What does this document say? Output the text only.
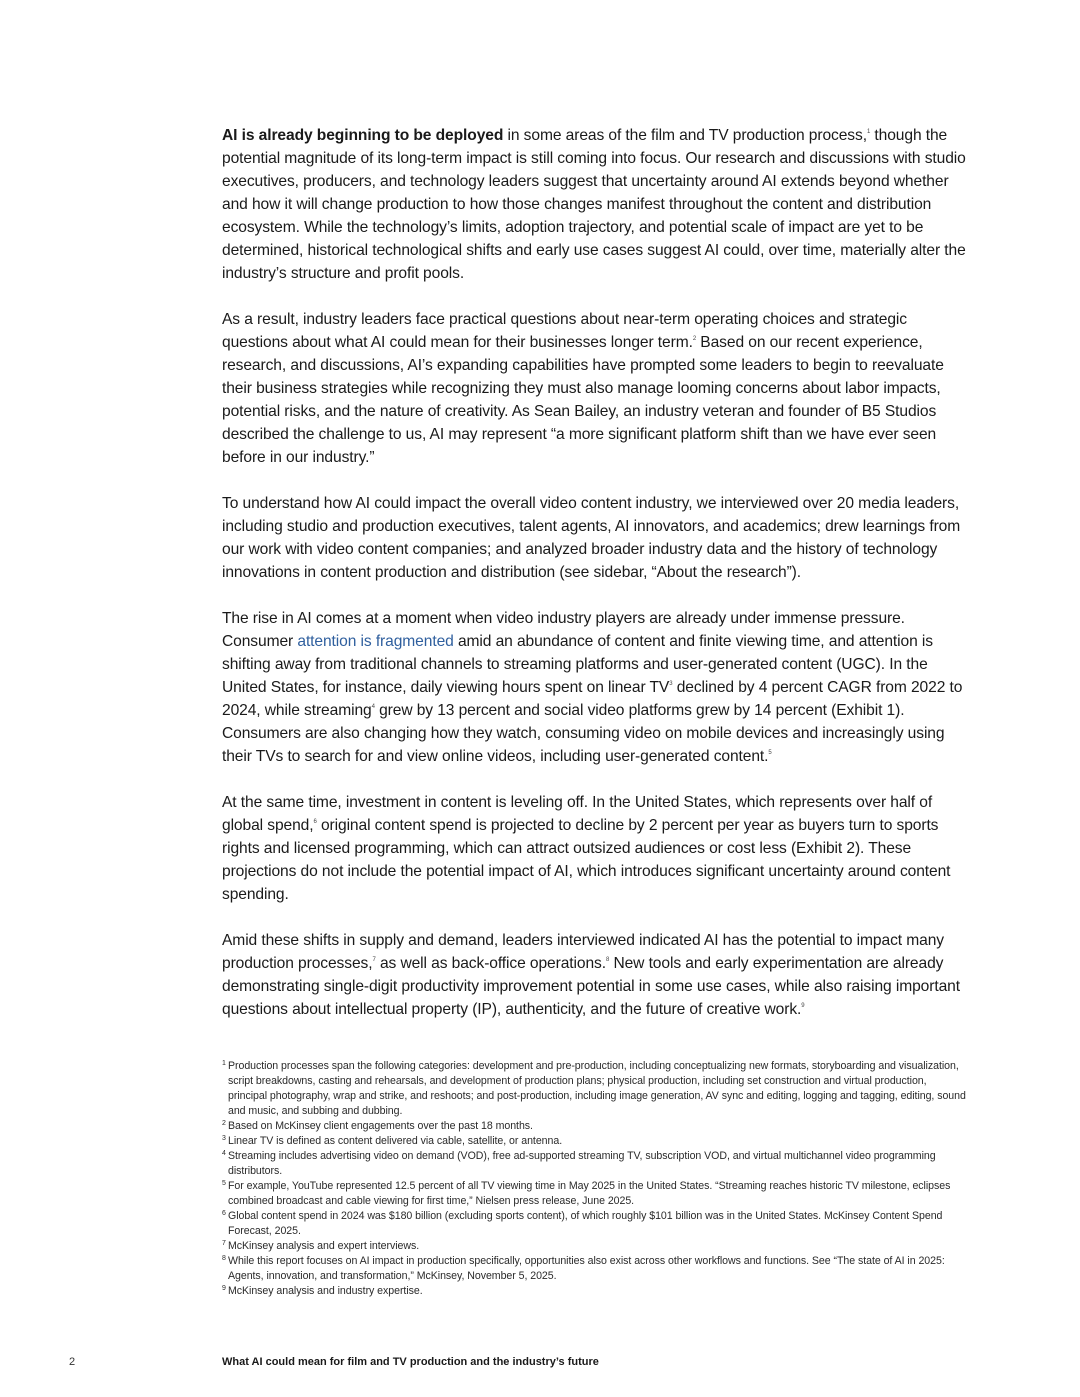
AI is already beginning to be deployed in some areas of the film and TV production process,$^1$ though the potential magnitude of its long-term impact is still coming into focus. Our research and discussions with studio executives, producers, and technology leaders suggest that uncertainty around AI extends beyond whether and how it will change production to how those changes manifest throughout the content and distribution ecosystem. While the technology’s limits, adoption trajectory, and potential scale of impact are yet to be determined, historical technological shifts and early use cases suggest AI could, over time, materially alter the industry’s structure and profit pools.

As a result, industry leaders face practical questions about near-term operating choices and strategic questions about what AI could mean for their businesses longer term.$^2$ Based on our recent experience, research, and discussions, AI’s expanding capabilities have prompted some leaders to begin to reevaluate their business strategies while recognizing they must also manage looming concerns about labor impacts, potential risks, and the nature of creativity. As Sean Bailey, an industry veteran and founder of B5 Studios described the challenge to us, AI may represent “a more significant platform shift than we have ever seen before in our industry.”

To understand how AI could impact the overall video content industry, we interviewed over 20 media leaders, including studio and production executives, talent agents, AI innovators, and academics; drew learnings from our work with video content companies; and analyzed broader industry data and the history of technology innovations in content production and distribution (see sidebar, “About the research”).

The rise in AI comes at a moment when video industry players are already under immense pressure. Consumer attention is fragmented amid an abundance of content and finite viewing time, and attention is shifting away from traditional channels to streaming platforms and user-generated content (UGC). In the United States, for instance, daily viewing hours spent on linear $TV^3$ declined by 4 percent CAGR from 2022 to 2024, while streaming$^4$ grew by 13 percent and social video platforms grew by 14 percent (Exhibit 1). Consumers are also changing how they watch, consuming video on mobile devices and increasingly using their TVs to search for and view online videos, including user-generated content.$^5$

At the same time, investment in content is leveling off. In the United States, which represents over half of global spend,$^6$ original content spend is projected to decline by 2 percent per year as buyers turn to sports rights and licensed programming, which can attract outsized audiences or cost less (Exhibit 2). These projections do not include the potential impact of AI, which introduces significant uncertainty around content spending.

Amid these shifts in supply and demand, leaders interviewed indicated AI has the potential to impact many production processes,$^7$ as well as back-office operations.$^8$ New tools and early experimentation are already demonstrating single-digit productivity improvement potential in some use cases, while also raising important questions about intellectual property (IP), authenticity, and the future of creative work.$^9$

1 Production processes span the following categories: development and pre-production, including conceptualizing new formats, storyboarding and visualization, script breakdowns, casting and rehearsals, and development of production plans; physical production, including set construction and virtual production, principal photography, wrap and strike, and reshoots; and post-production, including image generation, AV sync and editing, logging and tagging, editing, sound and music, and subbing and dubbing.
2 Based on McKinsey client engagements over the past 18 months.
3 Linear TV is defined as content delivered via cable, satellite, or antenna.
4 Streaming includes advertising video on demand (VOD), free ad-supported streaming TV, subscription VOD, and virtual multichannel video programming distributors.
5 For example, YouTube represented 12.5 percent of all TV viewing time in May 2025 in the United States. “Streaming reaches historic TV milestone, eclipses combined broadcast and cable viewing for first time,” Nielsen press release, June 2025.
6 Global content spend in 2024 was $180 billion (excluding sports content), of which roughly $101 billion was in the United States. McKinsey Content Spend Forecast, 2025.
7 McKinsey analysis and expert interviews.
8 While this report focuses on AI impact in production specifically, opportunities also exist across other workflows and functions. See “The state of AI in 2025: Agents, innovation, and transformation,” McKinsey, November 5, 2025.
9 McKinsey analysis and industry expertise.
2	What AI could mean for film and TV production and the industry’s future
